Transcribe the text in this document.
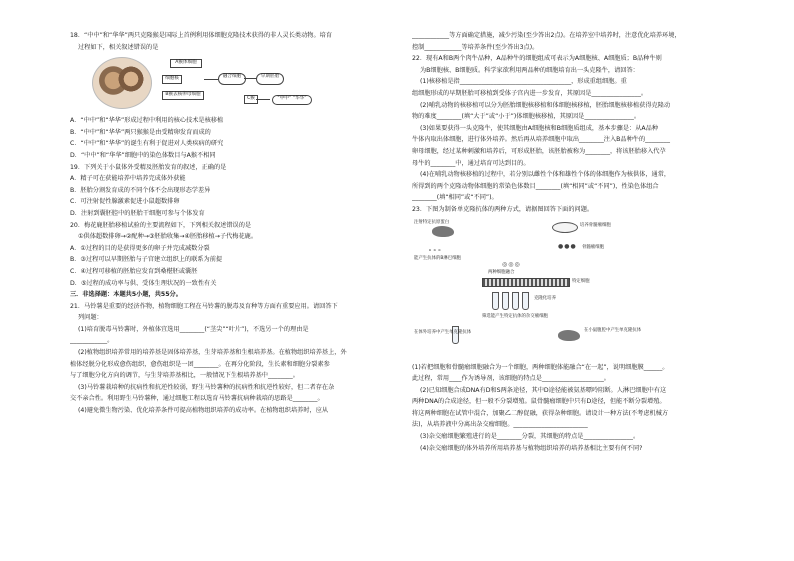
18．“中中”和“华华”两只克隆猴是国际上首例利用体细胞克隆技术获得的非人灵长类动物。培育
过程如下，相关叙述错误的是
A猴体细胞
细胞核
B猴去核卵母细胞
融合细胞	早期胚胎
C猴	“中中” “华华”
A．“中中”和“华华”形成过程中利用的核心技术是核移植
B．“中中”和“华华”两只猴猴是由受精卵发育而成的
C．“中中”和“华华”的诞生有利于促进对人类疾病的研究
D．“中中”和“华华”细胞中的染色体数目与A猴不相同
19．下列关于小鼠体外受精及胚胎发育的叙述，正确的是
A．精子可在获能培养中培养完成体外获能
B．胚胎分割发育成的不同个体不会出现形态学差异
C．可注射促性腺激素促进小鼠超数排卵
D．注射到囊胚腔中的胚胎干细胞可参与个体发育
20．梅花鹿胚胎移植试验的主要流程如下，下列相关叙述错误的是
①供体超数排卵→②配种→③胚胎收集→④胚胎移植→子代梅花鹿。
A．①过程的目的是获得更多的卵子并完成减数分裂
B．③过程可以早期胚胎与子宫建立组织上的联系为前提
C．④过程可移植的胚胎应发育到桑椹胚或囊胚
D．⑤过程的成功率与供、受体生理状况的一致性有关
三．非选择题：本题共5小题，共55分。
21．马铃薯是重要的经济作物，植物细胞工程在马铃薯的脱毒及育种等方面有重要应用。请回答下
列问题：
(1)培育脱毒马铃薯时，外植体宜选用________(“茎尖”“叶片”)，不选另一个的理由是
____________。
(2)植物组织培养常用的培养基是固体培养基，生芽培养基和生根培养基。在植物组织培养基上，外
植体经脱分化形成愈伤组织，愈伤组织是一团________。在再分化阶段，生长素和细胞分裂素参
与了细胞分化方向的调节，与生芽培养基相比，一般情况下生根培养基中________。
(3)马铃薯栽培种的抗病性和抗逆性较弱，野生马铃薯种的抗病性和抗逆性较好，但二者存在杂
交不亲合性。利用野生马铃薯种，通过细胞工程以选育马铃薯抗病种栽培的思路是________。
(4)避免微生物污染、优化培养条件可提高植物组织培养的成功率。在植物组织培养时，应从
____________等方面确定措施，减少污染(至少答出2点)。在培养室中培养时，注意优化培养环境，
控制____________等培养条件(至少答出3点)。
22．现有A和B两个肉牛品种，A品种牛的细胞组成可表示为A细胞核、A细胞质；B品种牛则
为B细胞核、B细胞质。科学家欲利用两品种的细胞培育出一头克隆牛，请回答：
(1)核移植是指____________________________________，形成重组细胞。重
组细胞形成的早期胚胎可移植到受体子宫内进一步发育，其原因是________________。
(2)哺乳动物的核移植可以分为胚胎细胞核移植和体细胞核移植，胚胎细胞核移植获得克隆动
物的难度________(填“大于”或“小于”)体细胞核移植，其原因是________________。
(3)如果要获得一头克隆牛，使其细胞由A细胞核和B细胞质组成，基本步骤是：从A品种
牛体内取出体细胞，进行体外培养。然后再从培养细胞中取出________注入B品种牛的________
卵母细胞，经过某种刺激和培养后，可形成胚胎，该胚胎被称为________，将该胚胎移入代孕
母牛的________中，通过培育可达到目的。
(4)在哺乳动物核移植的过程中，若分别以雌性个体和雄性个体的体细胞作为核供体，通常，
所得到的两个克隆动物体细胞的常染色体数目________(填“相同”或“不同”)，性染色体组合
________(填“相同”或“不同”)。
23．下图为制备单克隆抗体的两种方式，请据图回答下面的问题。
注射特定抗原蛋白
培养骨髓瘤细胞
∘∘∘
能产生抗体的B淋巴细胞
●●● 骨髓瘤细胞
◎◎◎
两种细胞融合
特定细胞
克隆化培养
筛选能产生特定抗体的杂交瘤细胞
在体外培养中产生单克隆抗体	在小鼠腹腔中产生单克隆抗体
(1)若把细胞和骨髓瘤细胞融合为一个细胞，两种细胞体能融合“在一起”，说明细胞膜______。
此过程，常用____作为诱导剂，该细胞的特点是____________________。
(2)已知细胞合成DNA有D和S两条途径，其中D途径能被氨基嘌呤阻断。人淋巴细胞中有这
两种DNA的合成途径，但一般不分裂增殖。鼠骨髓瘤细胞中只有D途径，但能不断分裂增殖。
将这两种细胞在试管中混合，加聚乙二醇促融，获得杂种细胞。请设计一种方法(不考虑机械方
法)，从培养液中分离出杂交瘤细胞。________________________
(3)杂交瘤细胞繁殖进行的是________分裂，其细胞的特点是________________。
(4)杂交瘤细胞的体外培养所用培养基与植物组织培养的培养基相比主要有何不同?
